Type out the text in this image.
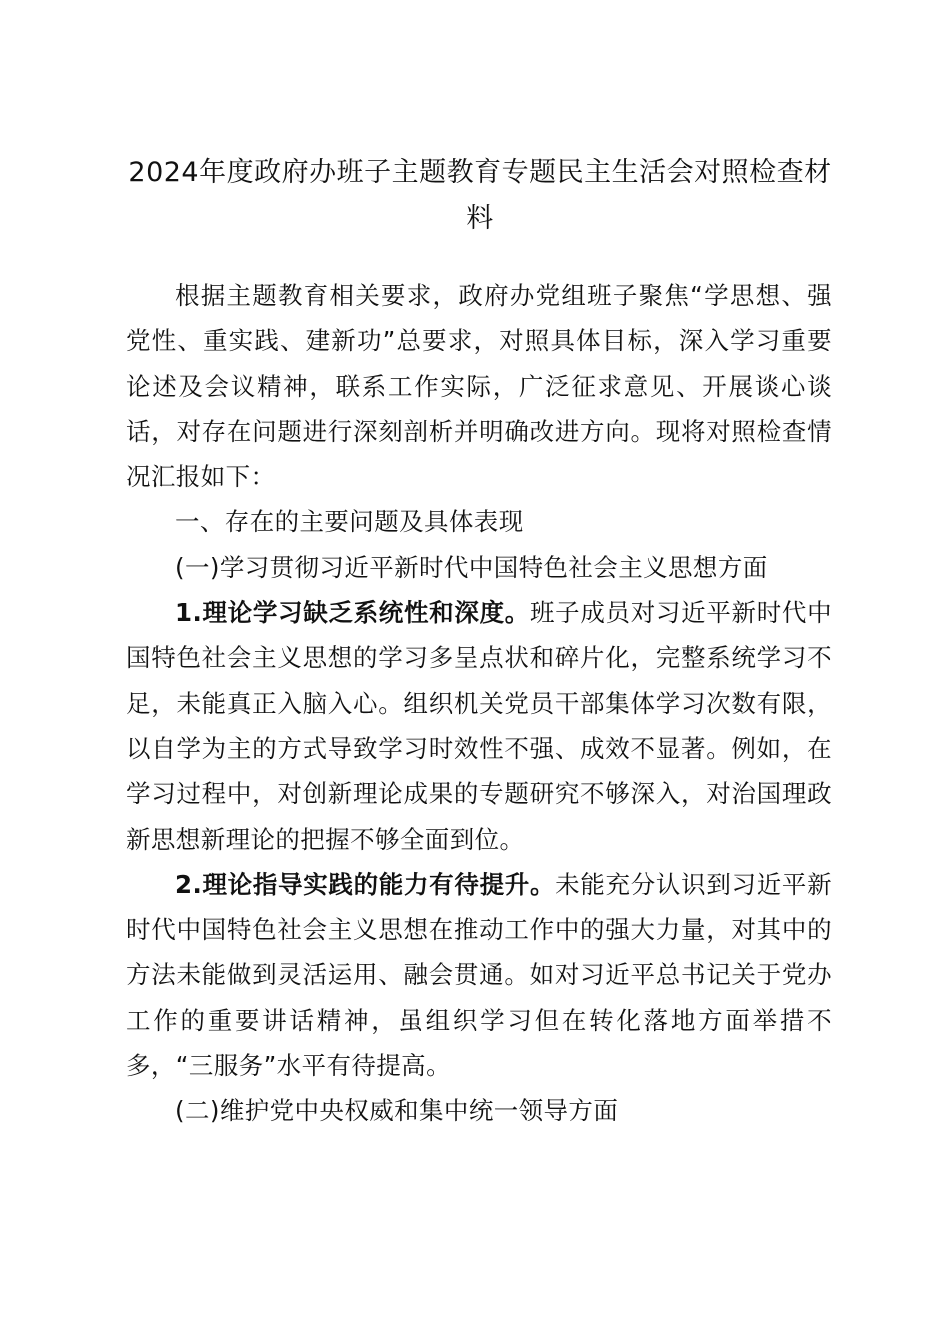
2024年度政府办班子主题教育专题民主生活会对照检查材料

根据主题教育相关要求，政府办党组班子聚焦“学思想、强党性、重实践、建新功”总要求，对照具体目标，深入学习重要论述及会议精神，联系工作实际，广泛征求意见、开展谈心谈话，对存在问题进行深刻剖析并明确改进方向。现将对照检查情况汇报如下：

一、存在的主要问题及具体表现

(一)学习贯彻习近平新时代中国特色社会主义思想方面

1.理论学习缺乏系统性和深度。班子成员对习近平新时代中国特色社会主义思想的学习多呈点状和碎片化，完整系统学习不足，未能真正入脑入心。组织机关党员干部集体学习次数有限，以自学为主的方式导致学习时效性不强、成效不显著。例如，在学习过程中，对创新理论成果的专题研究不够深入，对治国理政新思想新理论的把握不够全面到位。

2.理论指导实践的能力有待提升。未能充分认识到习近平新时代中国特色社会主义思想在推动工作中的强大力量，对其中的方法未能做到灵活运用、融会贯通。如对习近平总书记关于党办工作的重要讲话精神，虽组织学习但在转化落地方面举措不多，“三服务”水平有待提高。

(二)维护党中央权威和集中统一领导方面
